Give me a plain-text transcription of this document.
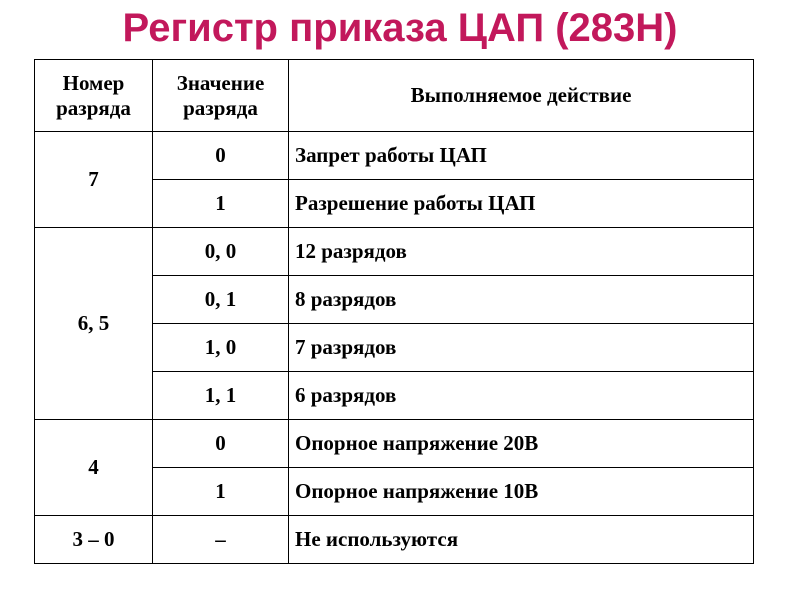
Регистр приказа ЦАП (283Н)
Номер разряда	Значение разряда	Выполняемое действие
7	0	Запрет работы ЦАП
	1	Разрешение работы ЦАП
6, 5	0, 0	12 разрядов
	0, 1	8 разрядов
	1, 0	7 разрядов
	1, 1	6 разрядов
4	0	Опорное напряжение 20В
	1	Опорное напряжение 10В
3 – 0	–	Не используются
